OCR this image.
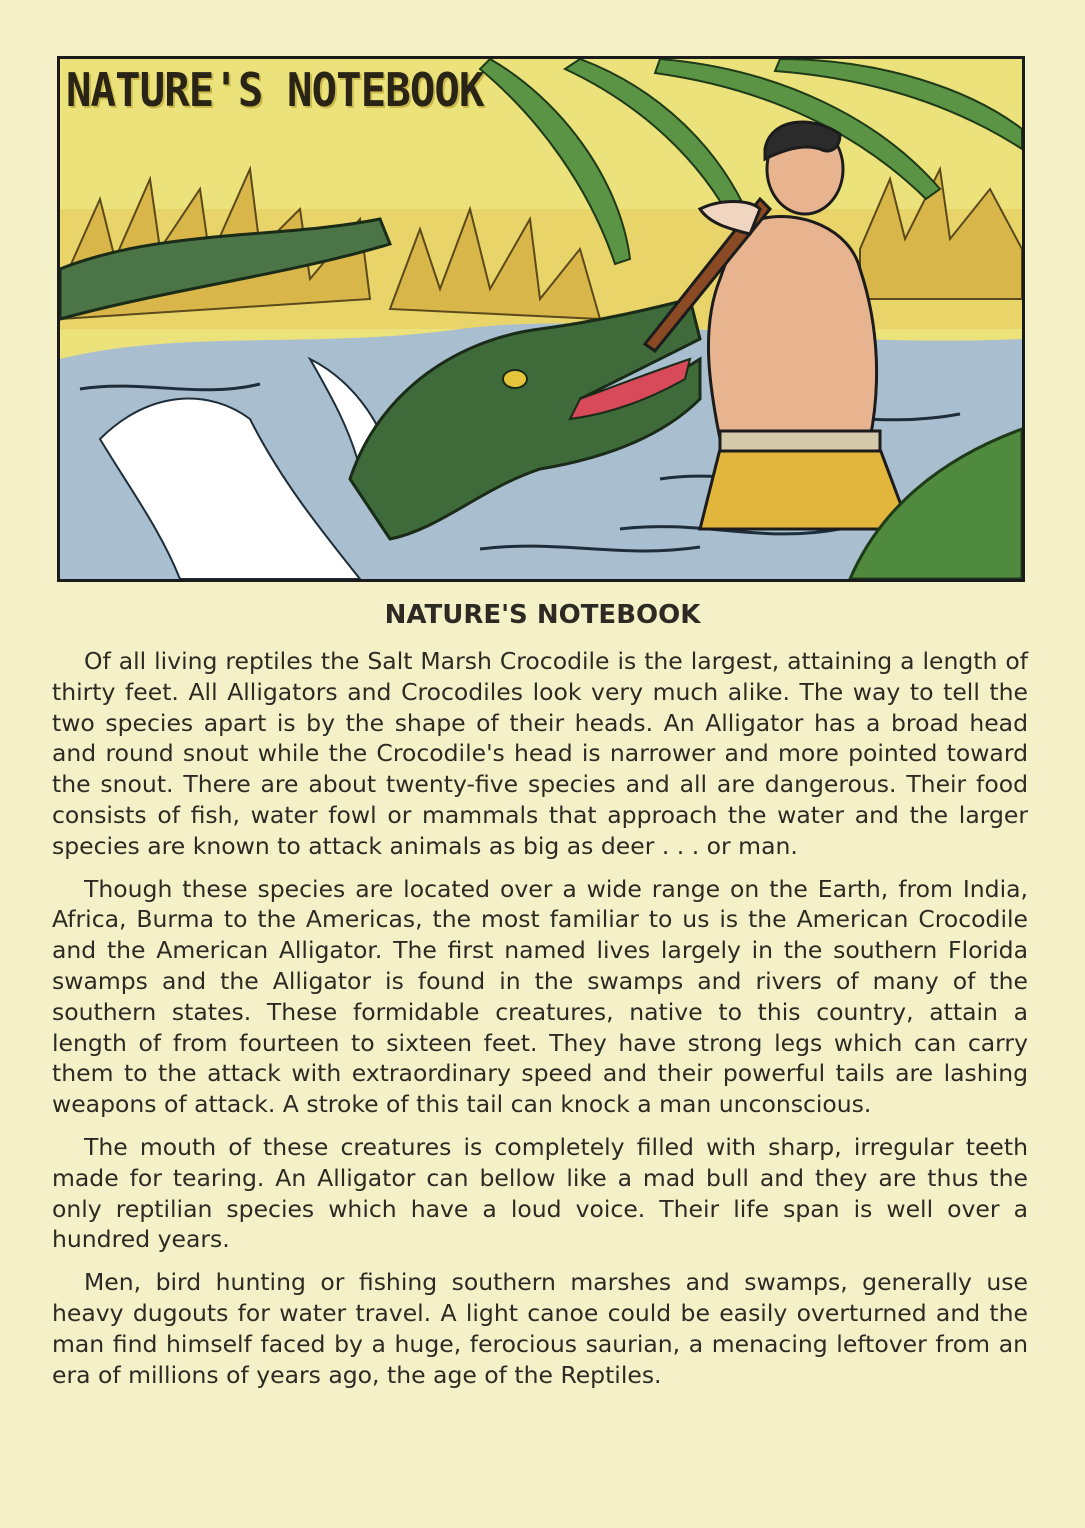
NATURE'S NOTEBOOK
NATURE'S NOTEBOOK

Of all living reptiles the Salt Marsh Crocodile is the largest, attaining a length of thirty feet. All Alligators and Crocodiles look very much alike. The way to tell the two species apart is by the shape of their heads. An Alligator has a broad head and round snout while the Crocodile's head is narrower and more pointed toward the snout. There are about twenty-five species and all are dangerous. Their food consists of fish, water fowl or mammals that approach the water and the larger species are known to attack animals as big as deer . . . or man.

Though these species are located over a wide range on the Earth, from India, Africa, Burma to the Americas, the most familiar to us is the American Crocodile and the American Alligator. The first named lives largely in the southern Florida swamps and the Alligator is found in the swamps and rivers of many of the southern states. These formidable creatures, native to this country, attain a length of from fourteen to sixteen feet. They have strong legs which can carry them to the attack with extraordinary speed and their powerful tails are lashing weapons of attack. A stroke of this tail can knock a man unconscious.

The mouth of these creatures is completely filled with sharp, irregular teeth made for tearing. An Alligator can bellow like a mad bull and they are thus the only reptilian species which have a loud voice. Their life span is well over a hundred years.

Men, bird hunting or fishing southern marshes and swamps, generally use heavy dugouts for water travel. A light canoe could be easily overturned and the man find himself faced by a huge, ferocious saurian, a menacing leftover from an era of millions of years ago, the age of the Reptiles.
